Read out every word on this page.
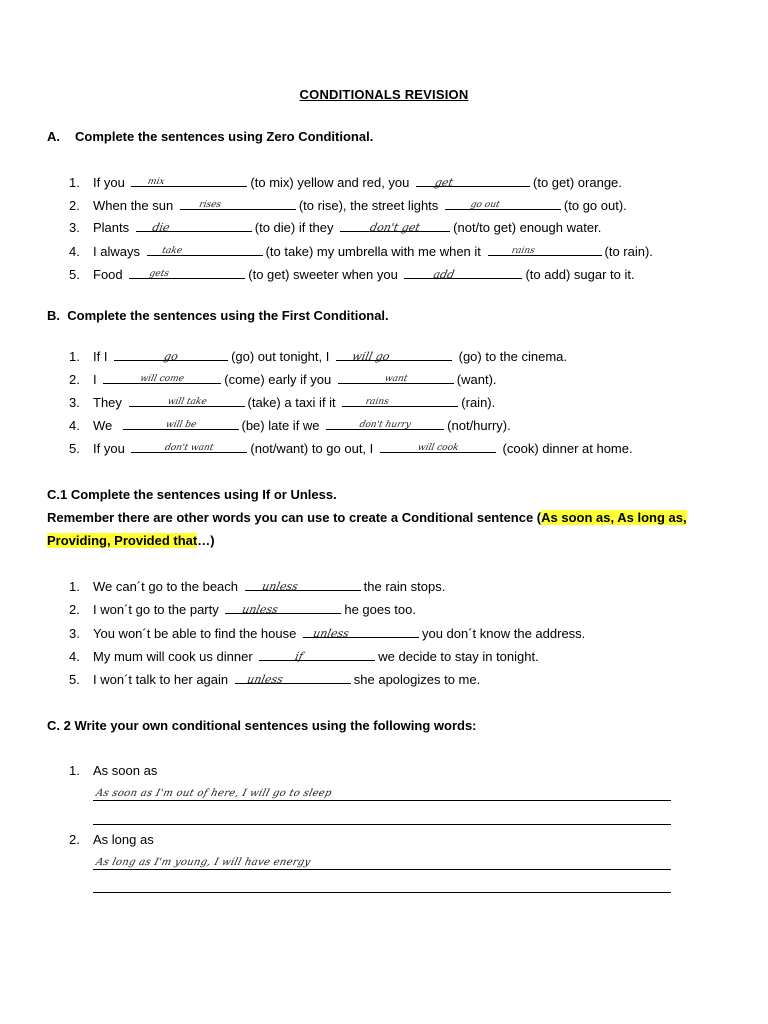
CONDITIONALS REVISION
A. Complete the sentences using Zero Conditional.
1. If you	mix	(to mix) yellow and red, you	get	(to get) orange.
2. When the sun	rises	(to rise), the street lights	go out	(to go out).
3. Plants	die	(to die) if they	don't get	(not/to get) enough water.
4. I always	take	(to take) my umbrella with me when it	rains	(to rain).
5. Food	gets	(to get) sweeter when you	add	(to add) sugar to it.
B. Complete the sentences using the First Conditional.
1. If I	go	(go) out tonight, I	will go	(go) to the cinema.
2. I	will come	(come) early if you	want	(want).
3. They	will take	(take) a taxi if it	rains	(rain).
4. We	will be	(be) late if we	don't hurry	(not/hurry).
5. If you	don't want	(not/want) to go out, I	will cook	(cook) dinner at home.
C.1 Complete the sentences using If or Unless.
Remember there are other words you can use to create a Conditional sentence (As soon as, As long as, Providing, Provided that…)
1. We can´t go to the beach	unless	the rain stops.
2. I won´t go to the party	unless	he goes too.
3. You won´t be able to find the house	unless	you don´t know the address.
4. My mum will cook us dinner	if	we decide to stay in tonight.
5. I won´t talk to her again	unless	she apologizes to me.
C. 2 Write your own conditional sentences using the following words:
1. As soon as
As soon as I'm out of here, I will go to sleep
2. As long as
As long as I'm young, I will have energy
